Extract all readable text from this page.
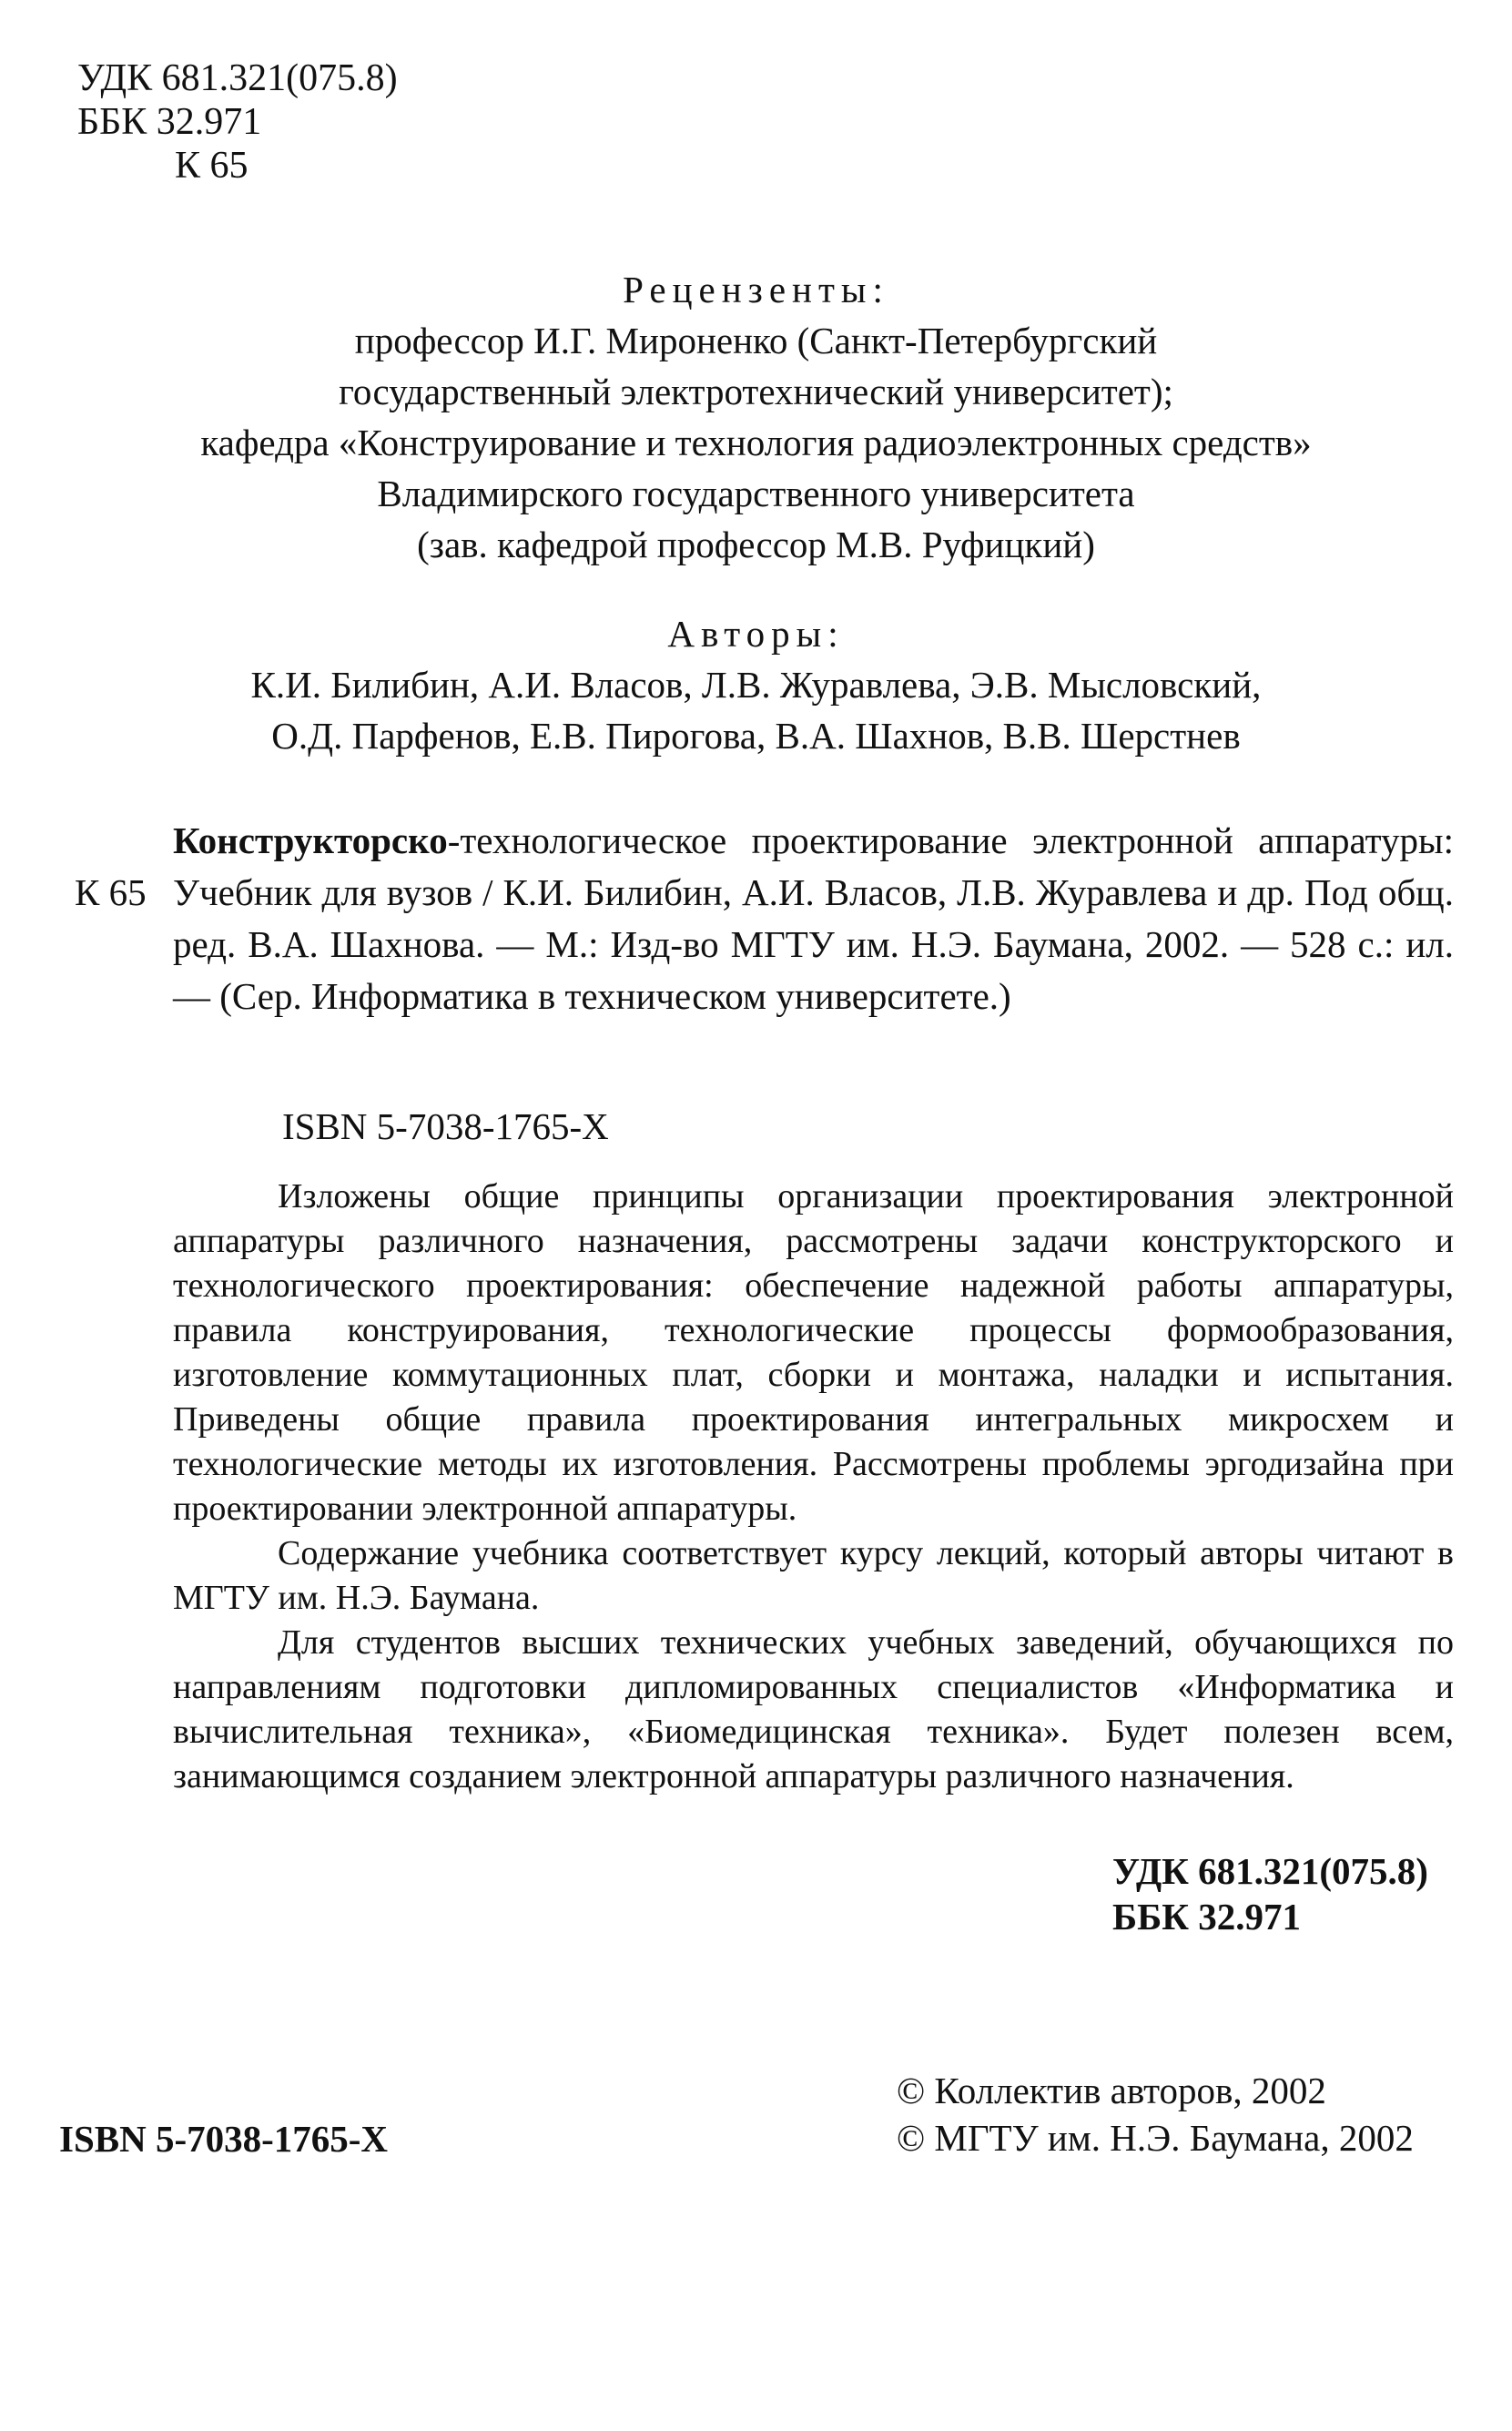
УДК 681.321(075.8)
ББК 32.971
К 65
Рецензенты:
профессор И.Г. Мироненко (Санкт-Петербургский
государственный электротехнический университет);
кафедра «Конструирование и технология радиоэлектронных средств»
Владимирского государственного университета
(зав. кафедрой профессор М.В. Руфицкий)
Авторы:
К.И. Билибин, А.И. Власов, Л.В. Журавлева, Э.В. Мысловский,
О.Д. Парфенов, Е.В. Пирогова, В.А. Шахнов, В.В. Шерстнев
К 65
Конструкторско-технологическое проектирование электронной аппаратуры: Учебник для вузов / К.И. Билибин, А.И. Власов, Л.В. Журавлева и др. Под общ. ред. В.А. Шахнова. — М.: Изд-во МГТУ им. Н.Э. Баумана, 2002. — 528 с.: ил. — (Сер. Информатика в техническом университете.)
ISBN 5-7038-1765-X

Изложены общие принципы организации проектирования электронной аппаратуры различного назначения, рассмотрены задачи конструкторского и технологического проектирования: обеспечение надежной работы аппаратуры, правила конструирования, технологические процессы формообразования, изготовление коммутационных плат, сборки и монтажа, наладки и испытания. Приведены общие правила проектирования интегральных микросхем и технологические методы их изготовления. Рассмотрены проблемы эргодизайна при проектировании электронной аппаратуры.

Содержание учебника соответствует курсу лекций, который авторы читают в МГТУ им. Н.Э. Баумана.

Для студентов высших технических учебных заведений, обучающихся по направлениям подготовки дипломированных специалистов «Информатика и вычислительная техника», «Биомедицинская техника». Будет полезен всем, занимающимся созданием электронной аппаратуры различного назначения.

УДК 681.321(075.8)
ББК 32.971
© Коллектив авторов, 2002
© МГТУ им. Н.Э. Баумана, 2002
ISBN 5-7038-1765-X
